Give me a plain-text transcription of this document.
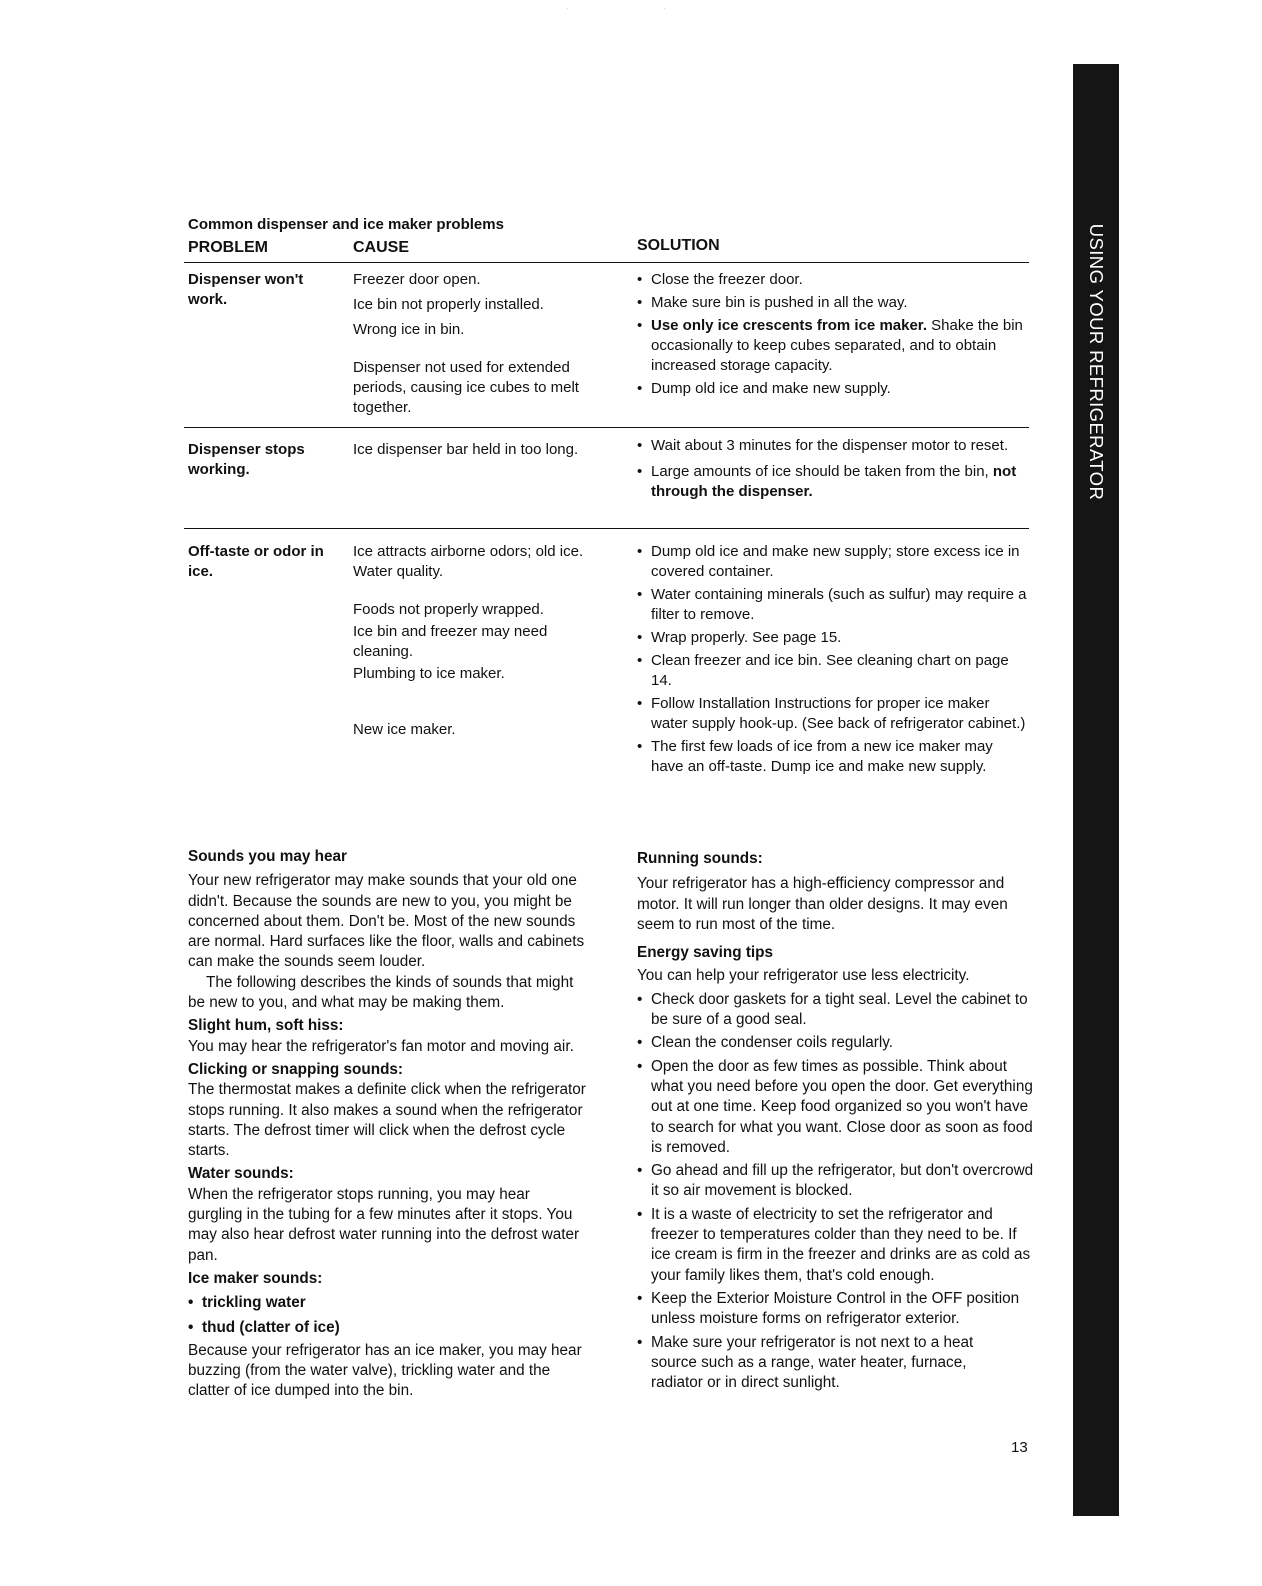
USING YOUR REFRIGERATOR
Common dispenser and ice maker problems
PROBLEM	CAUSE	SOLUTION
Dispenser won't work.
Freezer door open.
Ice bin not properly installed.
Wrong ice in bin.
Dispenser not used for extended periods, causing ice cubes to melt together.
• Close the freezer door.
• Make sure bin is pushed in all the way.
• Use only ice crescents from ice maker. Shake the bin occasionally to keep cubes separated, and to obtain increased storage capacity.
• Dump old ice and make new supply.
Dispenser stops working.
Ice dispenser bar held in too long.
•	Wait about 3 minutes for the dispenser motor to reset.
• Large amounts of ice should be taken from the bin, not through the dispenser.
Off-taste or odor in ice.
Ice attracts airborne odors; old ice.
Water quality.
Foods not properly wrapped.
Ice bin and freezer may need cleaning.
Plumbing to ice maker.
New ice maker.
• Dump old ice and make new supply; store excess ice in covered container.
• Water containing minerals (such as sulfur) may require a filter to remove.
• Wrap properly. See page 15.
• Clean freezer and ice bin. See cleaning chart on page 14.
• Follow Installation Instructions for proper ice maker water supply hook-up. (See back of refrigerator cabinet.)
• The first few loads of ice from a new ice maker may have an off-taste. Dump ice and make new supply.
Sounds you may hear

Your new refrigerator may make sounds that your old one didn't. Because the sounds are new to you, you might be concerned about them. Don't be. Most of the new sounds are normal. Hard surfaces like the floor, walls and cabinets can make the sounds seem louder.

The following describes the kinds of sounds that might be new to you, and what may be making them.

Slight hum, soft hiss:

You may hear the refrigerator's fan motor and moving air.

Clicking or snapping sounds:

The thermostat makes a definite click when the refrigerator stops running. It also makes a sound when the refrigerator starts. The defrost timer will click when the defrost cycle starts.

Water sounds:

When the refrigerator stops running, you may hear gurgling in the tubing for a few minutes after it stops. You may also hear defrost water running into the defrost water pan.

Ice maker sounds:
• trickling water
• thud (clatter of ice)

Because your refrigerator has an ice maker, you may hear buzzing (from the water valve), trickling water and the clatter of ice dumped into the bin.

Running sounds:

Your refrigerator has a high-efficiency compressor and motor. It will run longer than older designs. It may even seem to run most of the time.

Energy saving tips

You can help your refrigerator use less electricity.

• Check door gaskets for a tight seal. Level the cabinet to be sure of a good seal.
• Clean the condenser coils regularly.
• Open the door as few times as possible. Think about what you need before you open the door. Get everything out at one time. Keep food organized so you won't have to search for what you want. Close door as soon as food is removed.
• Go ahead and fill up the refrigerator, but don't overcrowd it so air movement is blocked.
• It is a waste of electricity to set the refrigerator and freezer to temperatures colder than they need to be. If ice cream is firm in the freezer and drinks are as cold as your family likes them, that's cold enough.
• Keep the Exterior Moisture Control in the OFF position unless moisture forms on refrigerator exterior.
• Make sure your refrigerator is not next to a heat source such as a range, water heater, furnace, radiator or in direct sunlight.
13
